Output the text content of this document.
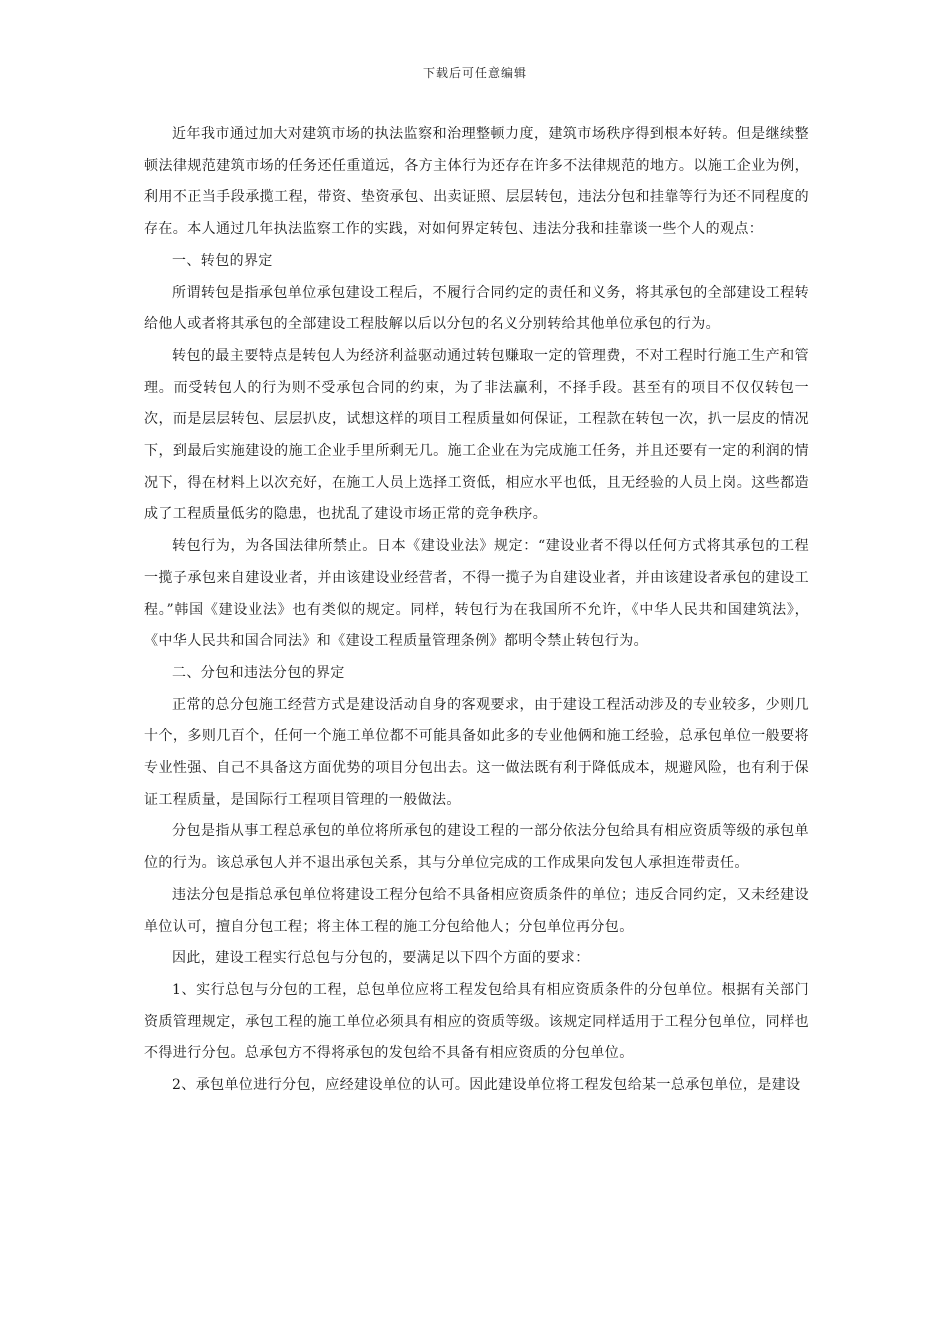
下载后可任意编辑

近年我市通过加大对建筑市场的执法监察和治理整顿力度，建筑市场秩序得到根本好转。但是继续整顿法律规范建筑市场的任务还任重道远，各方主体行为还存在许多不法律规范的地方。以施工企业为例，利用不正当手段承揽工程，带资、垫资承包、出卖证照、层层转包，违法分包和挂靠等行为还不同程度的存在。本人通过几年执法监察工作的实践，对如何界定转包、违法分我和挂靠谈一些个人的观点：

一、转包的界定

所谓转包是指承包单位承包建设工程后，不履行合同约定的责任和义务，将其承包的全部建设工程转给他人或者将其承包的全部建设工程肢解以后以分包的名义分别转给其他单位承包的行为。

转包的最主要特点是转包人为经济利益驱动通过转包赚取一定的管理费，不对工程时行施工生产和管理。而受转包人的行为则不受承包合同的约束，为了非法赢利，不择手段。甚至有的项目不仅仅转包一次，而是层层转包、层层扒皮，试想这样的项目工程质量如何保证，工程款在转包一次，扒一层皮的情况下，到最后实施建设的施工企业手里所剩无几。施工企业在为完成施工任务，并且还要有一定的利润的情况下，得在材料上以次充好，在施工人员上选择工资低，相应水平也低，且无经验的人员上岗。这些都造成了工程质量低劣的隐患，也扰乱了建设市场正常的竞争秩序。

转包行为，为各国法律所禁止。日本《建设业法》规定：“建设业者不得以任何方式将其承包的工程一揽子承包来自建设业者，并由该建设业经营者，不得一揽子为自建设业者，并由该建设者承包的建设工程。”韩国《建设业法》也有类似的规定。同样，转包行为在我国所不允许，《中华人民共和国建筑法》，《中华人民共和国合同法》和《建设工程质量管理条例》都明令禁止转包行为。

二、分包和违法分包的界定

正常的总分包施工经营方式是建设活动自身的客观要求，由于建设工程活动涉及的专业较多，少则几十个，多则几百个，任何一个施工单位都不可能具备如此多的专业他俩和施工经验，总承包单位一般要将专业性强、自己不具备这方面优势的项目分包出去。这一做法既有利于降低成本，规避风险，也有利于保证工程质量，是国际行工程项目管理的一般做法。

分包是指从事工程总承包的单位将所承包的建设工程的一部分依法分包给具有相应资质等级的承包单位的行为。该总承包人并不退出承包关系，其与分单位完成的工作成果向发包人承担连带责任。

违法分包是指总承包单位将建设工程分包给不具备相应资质条件的单位；违反合同约定，又未经建设单位认可，擅自分包工程；将主体工程的施工分包给他人；分包单位再分包。

因此，建设工程实行总包与分包的，要满足以下四个方面的要求：

1、实行总包与分包的工程，总包单位应将工程发包给具有相应资质条件的分包单位。根据有关部门资质管理规定，承包工程的施工单位必须具有相应的资质等级。该规定同样适用于工程分包单位，同样也不得进行分包。总承包方不得将承包的发包给不具备有相应资质的分包单位。

2、承包单位进行分包，应经建设单位的认可。因此建设单位将工程发包给某一总承包单位，是建设
